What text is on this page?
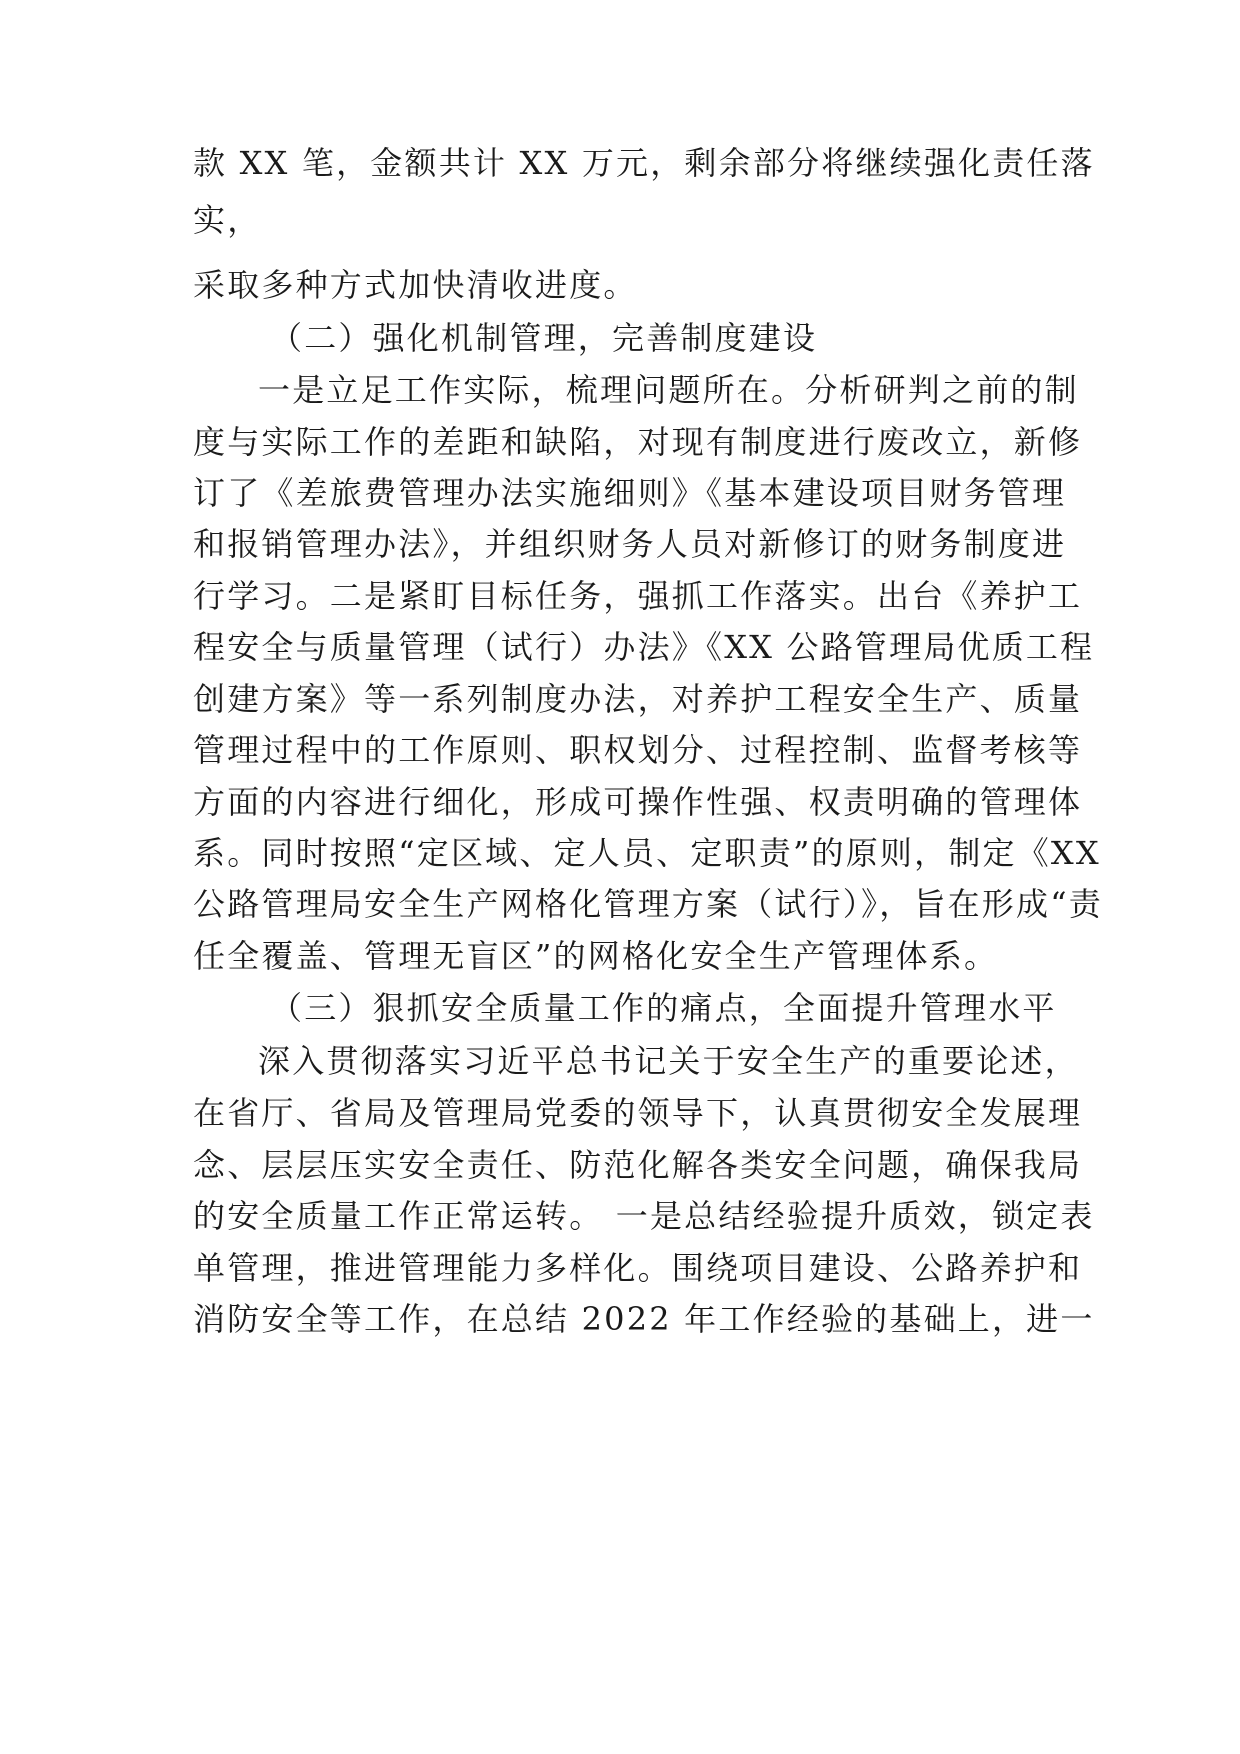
款 XX 笔，金额共计 XX 万元，剩余部分将继续强化责任落
实，
采取多种方式加快清收进度。
（二）强化机制管理，完善制度建设
一是立足工作实际，梳理问题所在。分析研判之前的制
度与实际工作的差距和缺陷，对现有制度进行废改立，新修
订了《差旅费管理办法实施细则》《基本建设项目财务管理
和报销管理办法》，并组织财务人员对新修订的财务制度进
行学习。二是紧盯目标任务，强抓工作落实。出台《养护工
程安全与质量管理（试行）办法》《XX 公路管理局优质工程
创建方案》等一系列制度办法，对养护工程安全生产、质量
管理过程中的工作原则、职权划分、过程控制、监督考核等
方面的内容进行细化，形成可操作性强、权责明确的管理体
系。同时按照“定区域、定人员、定职责”的原则，制定《XX
公路管理局安全生产网格化管理方案（试行）》，旨在形成“责
任全覆盖、管理无盲区”的网格化安全生产管理体系。
（三）狠抓安全质量工作的痛点，全面提升管理水平
深入贯彻落实习近平总书记关于安全生产的重要论述，
在省厅、省局及管理局党委的领导下，认真贯彻安全发展理
念、层层压实安全责任、防范化解各类安全问题，确保我局
的安全质量工作正常运转。 一是总结经验提升质效，锁定表
单管理，推进管理能力多样化。围绕项目建设、公路养护和
消防安全等工作，在总结 2022 年工作经验的基础上，进一
